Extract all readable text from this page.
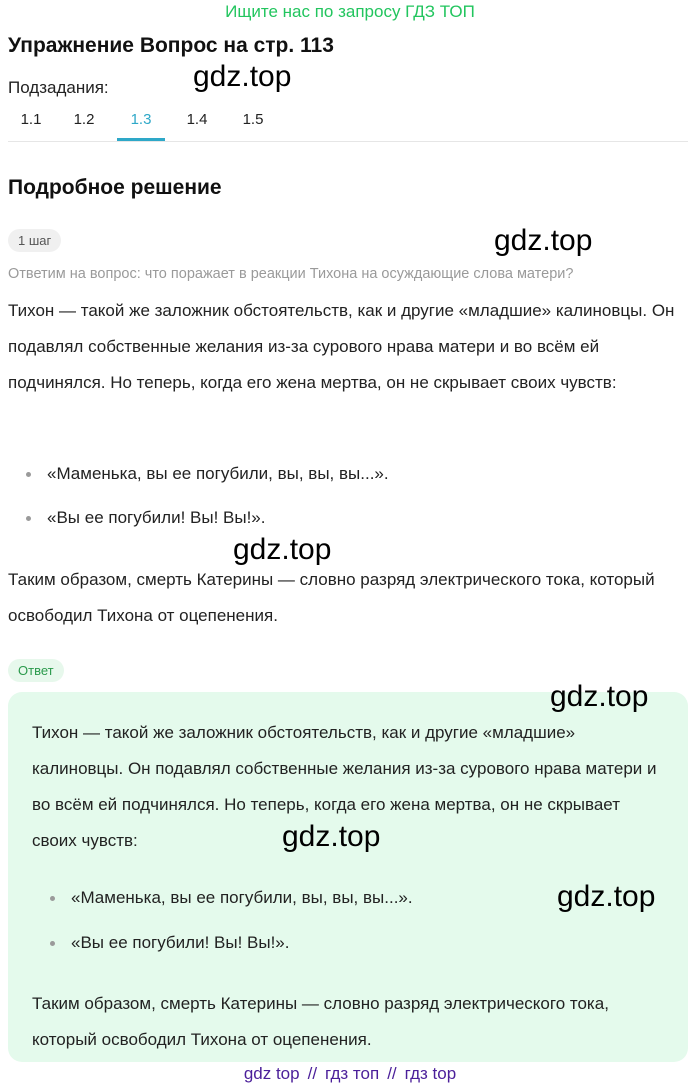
Ищите нас по запросу ГДЗ ТОП
Упражнение Вопрос на стр. 113
Подзадания:	gdz.top
1.1	1.2	1.3	1.4	1.5
Подробное решение
1 шаг	gdz.top
Ответим на вопрос: что поражает в реакции Тихона на осуждающие слова матери?
Тихон — такой же заложник обстоятельств, как и другие «младшие» калиновцы. Он подавлял собственные желания из-за сурового нрава матери и во всём ей подчинялся. Но теперь, когда его жена мертва, он не скрывает своих чувств:
«Маменька, вы ее погубили, вы, вы, вы...».
«Вы ее погубили! Вы! Вы!».
gdz.top
Таким образом, смерть Катерины — словно разряд электрического тока, который освободил Тихона от оцепенения.
Ответ
gdz.top
Тихон — такой же заложник обстоятельств, как и другие «младшие» калиновцы. Он подавлял собственные желания из-за сурового нрава матери и во всём ей подчинялся. Но теперь, когда его жена мертва, он не скрывает своих чувств:	gdz.top
«Маменька, вы ее погубили, вы, вы, вы...».	gdz.top
«Вы ее погубили! Вы! Вы!».
Таким образом, смерть Катерины — словно разряд электрического тока, который освободил Тихона от оцепенения.
gdz top // гдз топ // гдз top
